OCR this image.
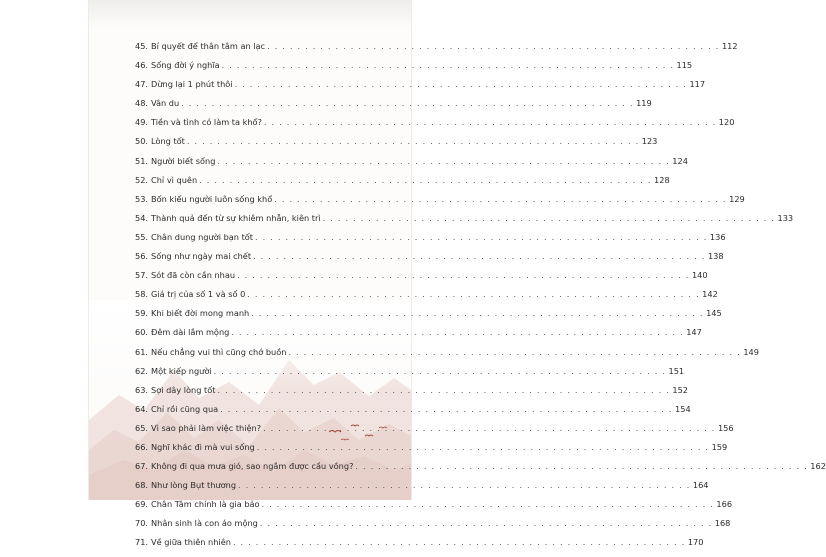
45. Bí quyết để thân tâm an lạc . . .	112
46. Sống đời ý nghĩa . . .	115
47. Dừng lại 1 phút thôi . . .	117
48. Vân du . . .	119
49. Tiền và tình có làm ta khổ? . . .	120
50. Lòng tốt . . .	123
51. Người biết sống . . .	124
52. Chỉ vì quên . . .	128
53. Bốn kiểu người luôn sống khổ . . .	129
54. Thành quả đến từ sự khiêm nhẫn, kiên trì . . .	133
55. Chân dung người bạn tốt . . .	136
56. Sống như ngày mai chết . . .	138
57. Sót đã còn cần nhau . . .	140
58. Giá trị của số 1 và số 0 . . .	142
59. Khi biết đời mong manh . . .	145
60. Đêm dài lắm mộng . . .	147
61. Nếu chẳng vui thì cũng chớ buồn . . .	149
62. Một kiếp người . . .	151
63. Sợi dây lòng tốt . . .	152
64. Chỉ rồi cũng qua . . .	154
65. Vì sao phải làm việc thiện? . . .	156
66. Nghĩ khác đi mà vui sống . . .	159
67. Không đi qua mưa gió, sao ngắm được cầu vồng? . . .	162
68. Như lòng Bụt thương . . .	164
69. Chân Tâm chính là gia bảo . . .	166
70. Nhân sinh là con áo mộng . . .	168
71. Về giữa thiên nhiên . . .	170
